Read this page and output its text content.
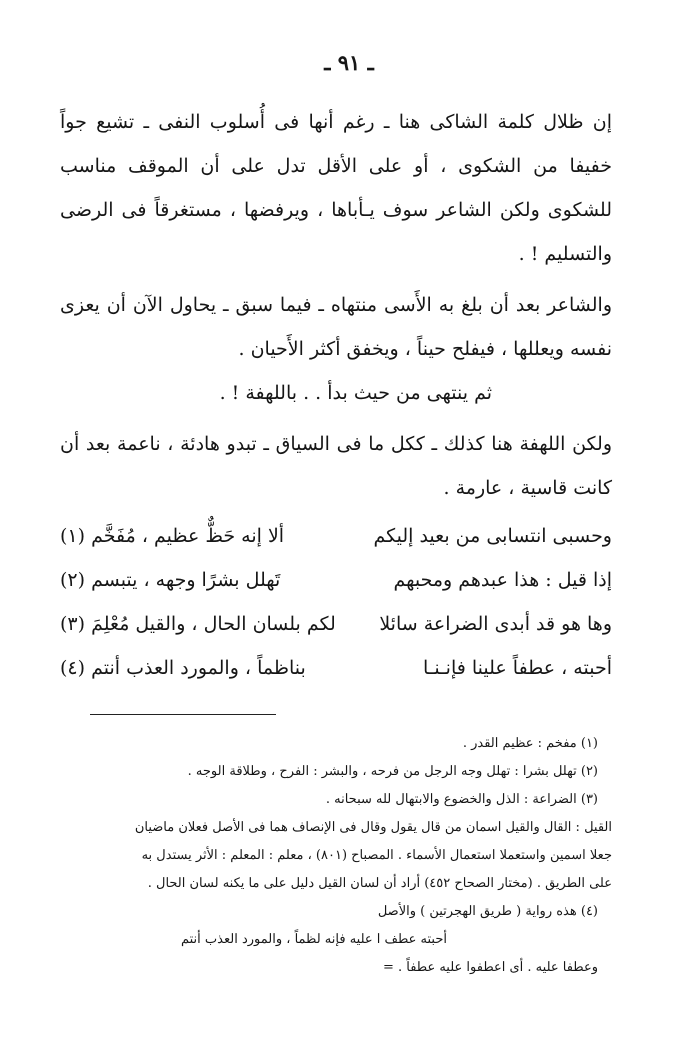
ـ ٩١ ـ

إن ظلال كلمة الشاكى هنا ـ رغم أنها فى أُسلوب النفى ـ تشيع جواً خفيفا من الشكوى ، أو على الأقل تدل على أن الموقف مناسب للشكوى ولكن الشاعر سوف يـأباها ، ويرفضها ، مستغرقاً فى الرضى والتسليم ! .

والشاعر بعد أن بلغ به الأَسى منتهاه ـ فيما سبق ـ يحاول الآن أن يعزى نفسه ويعللها ، فيفلح حيناً ، ويخفق أكثر الأَحيان .

ثم ينتهى من حيث بدأ . . باللهفة ! .

ولكن اللهفة هنا كذلك ـ ككل ما فى السياق ـ تبدو هادئة ، ناعمة بعد أن كانت قاسية ، عارمة .

وحسبى انتسابى من بعيد إليكم
ألا إنه حَظٌّ عظيم ، مُفَخَّم (١)
إذا قيل : هذا عبدهم ومحبهم
تَهلل بشرًا وجهه ، يتبسم (٢)
وها هو قد أبدى الضراعة سائلا
لكم بلسان الحال ، والقيل مُعْلِمَ (٣)
أحبته ، عطفاً علينا فإنـنـا
بناظماً ، والمورد العذب أنتم (٤)

(١) مفخم : عظيم القدر .

(٢) تهلل بشرا : تهلل وجه الرجل من فرحه ، والبشر : الفرح ، وطلاقة الوجه .

(٣) الضراعة : الذل والخضوع والابتهال لله سبحانه .

القيل : القال والقيل اسمان من قال يقول وقال فى الإنصاف هما فى الأصل فعلان ماضيان

جعلا اسمين واستعملا استعمال الأسماء . المصباح (٨٠١) ، معلم : المعلم : الأثر يستدل به

على الطريق . (مختار الصحاح ٤٥٢) أراد أن لسان القيل دليل على ما يكنه لسان الحال .

(٤) هذه رواية ( طريق الهجرتين ) والأصل

أحبته عطف ا عليه فإنه لظماً ، والمورد العذب أنتم

وعطفا عليه . أى اعطفوا عليه عطفاً . =
